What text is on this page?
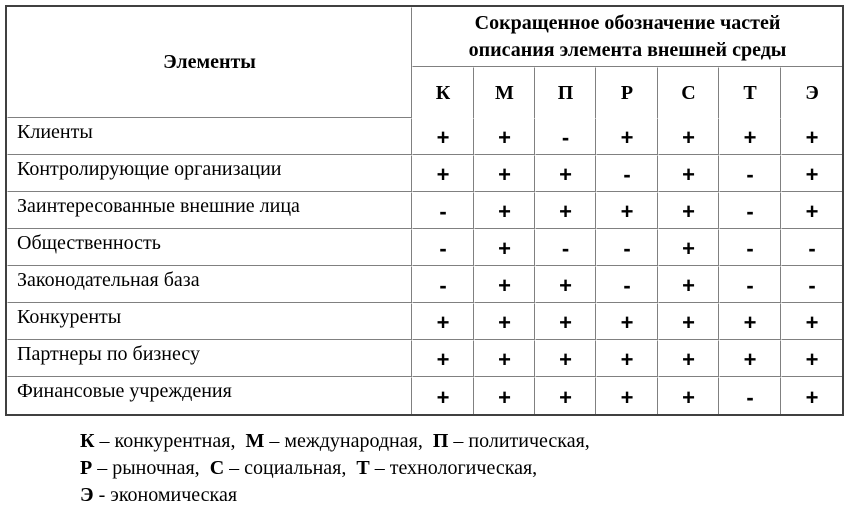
Элементы	Сокращенное обозначение частей
описания элемента внешней среды						

	К	М	П	Р	С	Т	Э
Клиенты	+	+	-	+	+	+	+
Контролирующие организации	+	+	+	-	+	-	+
Заинтересованные внешние лица	-	+	+	+	+	-	+
Общественность	-	+	-	-	+	-	-
Законодательная база	-	+	+	-	+	-	-
Конкуренты	+	+	+	+	+	+	+
Партнеры по бизнесу	+	+	+	+	+	+	+
Финансовые учреждения	+	+	+	+	+	-	+
К – конкурентная, М – международная, П – политическая,
Р – рыночная, С – социальная, Т – технологическая,
Э - экономическая
